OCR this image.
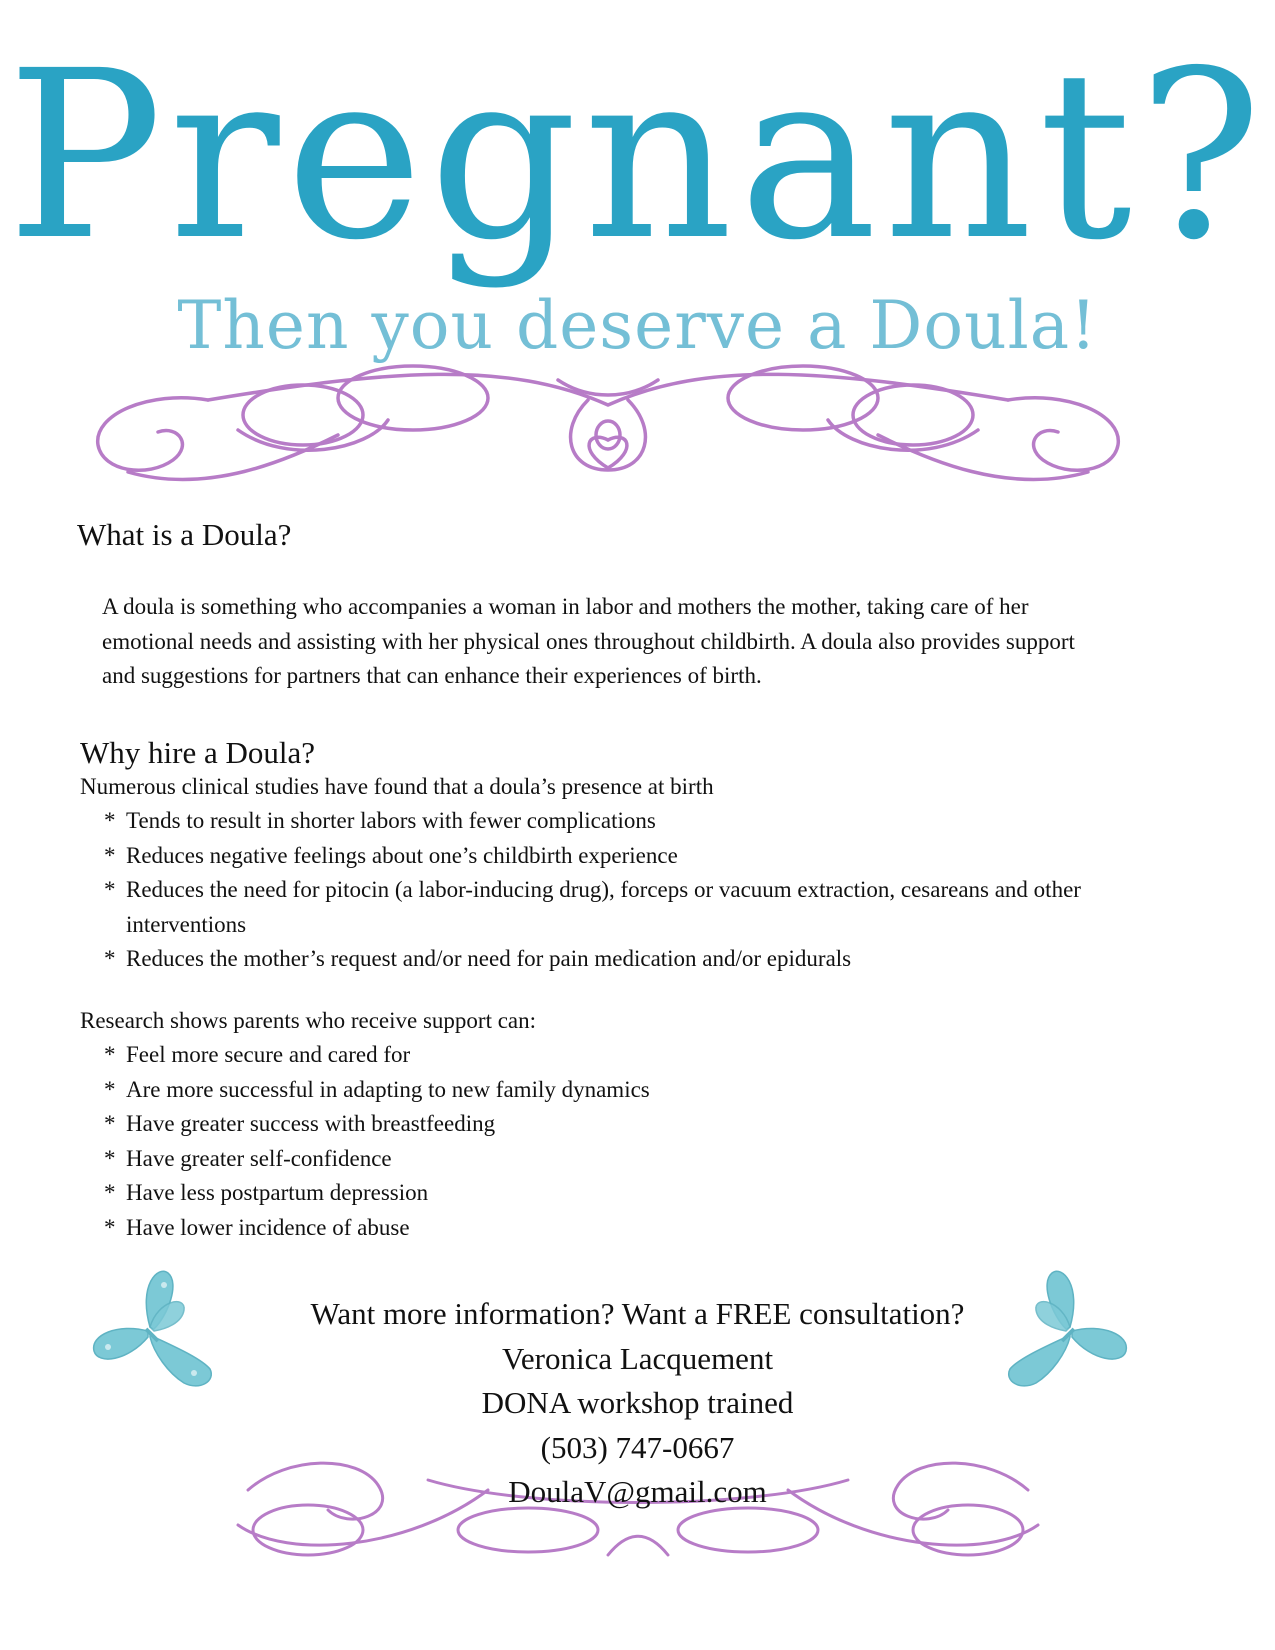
Pregnant?
Then you deserve a Doula!
What is a Doula?

A doula is something who accompanies a woman in labor and mothers the mother, taking care of her emotional needs and assisting with her physical ones throughout childbirth. A doula also provides support and suggestions for partners that can enhance their experiences of birth.

Why hire a Doula?

Numerous clinical studies have found that a doula’s presence at birth

* Tends to result in shorter labors with fewer complications
* Reduces negative feelings about one’s childbirth experience
* Reduces the need for pitocin (a labor-inducing drug), forceps or vacuum extraction, cesareans and other interventions
* Reduces the mother’s request and/or need for pain medication and/or epidurals

Research shows parents who receive support can:

* Feel more secure and cared for
* Are more successful in adapting to new family dynamics
* Have greater success with breastfeeding
* Have greater self-confidence
* Have less postpartum depression
* Have lower incidence of abuse
Want more information? Want a FREE consultation?
Veronica Lacquement
DONA workshop trained
(503) 747-0667
DoulaV@gmail.com
